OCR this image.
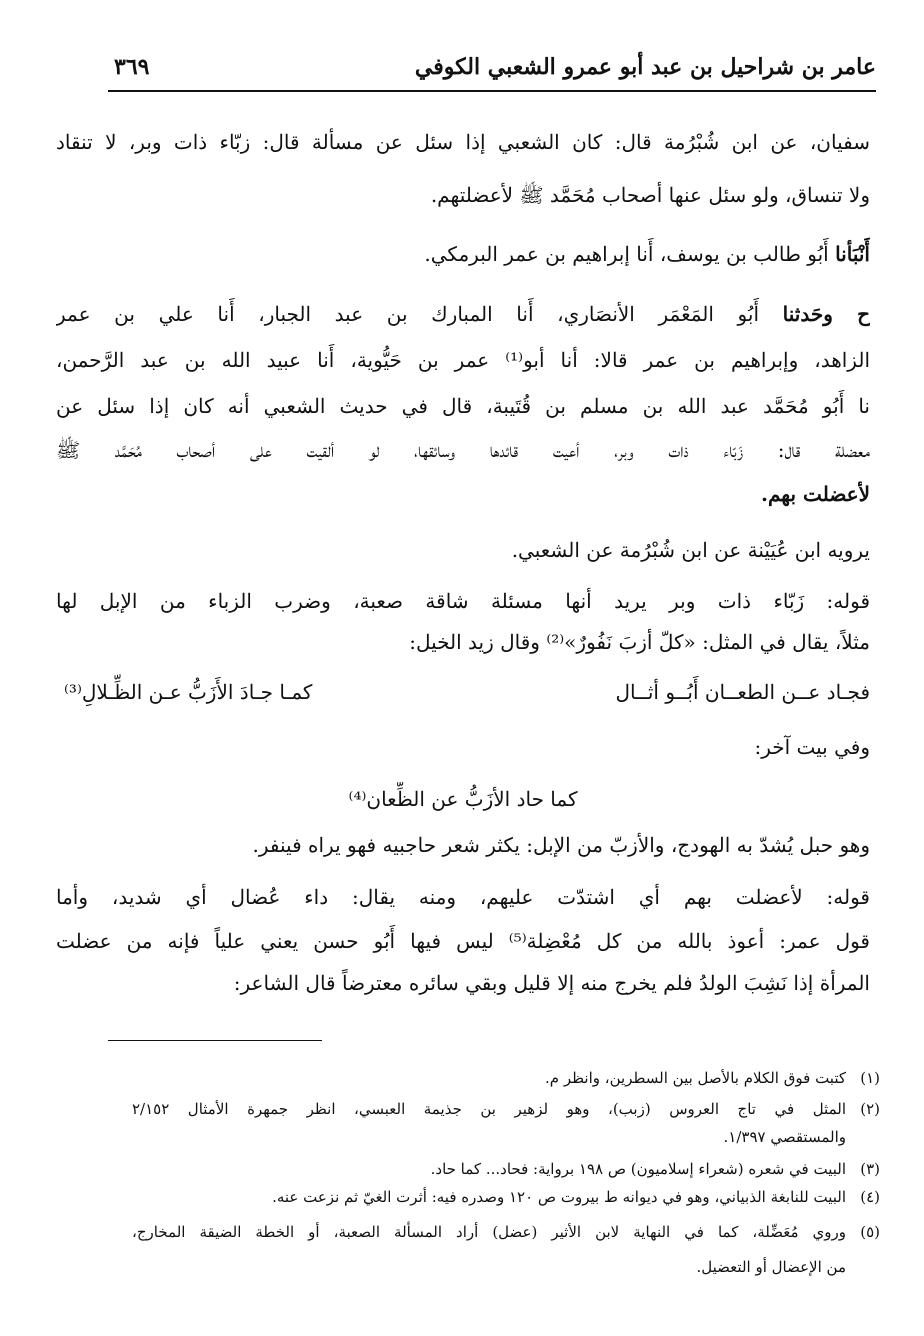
عامر بن شراحيل بن عبد أبو عمرو الشعبي الكوفي
٣٦٩
سفيان، عن ابن شُبْرُمة قال: كان الشعبي إذا سئل عن مسألة قال: زبّاء ذات وبر، لا تنقاد
ولا تنساق، ولو سئل عنها أصحاب مُحَمَّد ﷺ لأعضلتهم.
أَنْبَأنا أَبُو طالب بن يوسف، أَنا إبراهيم بن عمر البرمكي.
ح وحَدثنا أَبُو المَعْمَر الأنصَاري، أَنا المبارك بن عبد الجبار، أَنا علي بن عمر
الزاهد، وإبراهيم بن عمر قالا: أنا أبو⁽¹⁾ عمر بن حَيُّوية، أَنا عبيد الله بن عبد الرَّحمن،
نا أَبُو مُحَمَّد عبد الله بن مسلم بن قُتَيبة، قال في حديث الشعبي أنه كان إذا سئل عن
معضلة قال: زَبّاء ذات وبر، أعيت قائدها وسائقها، لو ألقيت على أصحاب مُحَمَّد ﷺ
لأعضلت بهم.
يرويه ابن عُيَيْنة عن ابن شُبْرُمة عن الشعبي.
قوله: زَبّاء ذات وبر يريد أنها مسئلة شاقة صعبة، وضرب الزباء من الإبل لها
مثلاً، يقال في المثل: «كلّ أزبَ نَفُورٌ»⁽²⁾ وقال زيد الخيل:
فجـاد عــن الطعــان أَبُــو أثــال
كمـا جـادَ الأَزَبُّ عـن الظِّـلالِ⁽³⁾
وفي بيت آخر:
كما حاد الأزَبُّ عن الظِّعان⁽⁴⁾
وهو حبل يُشدّ به الهودج، والأزبّ من الإبل: يكثر شعر حاجبيه فهو يراه فينفر.
قوله: لأعضلت بهم أي اشتدّت عليهم، ومنه يقال: داء عُضال أي شديد، وأما
قول عمر: أعوذ بالله من كل مُعْضِلة⁽⁵⁾ ليس فيها أَبُو حسن يعني علياً فإنه من عضلت
المرأة إذا نَشِبَ الولدُ فلم يخرج منه إلا قليل وبقي سائره معترضاً قال الشاعر:
(١)
كتبت فوق الكلام بالأصل بين السطرين، وانظر م.
(٢)
المثل في تاج العروس (زبب)، وهو لزهير بن جذيمة العبسي، انظر جمهرة الأمثال ٢/١٥٢
والمستقصي ١/٣٩٧.
(٣)
البيت في شعره (شعراء إسلاميون) ص ١٩٨ برواية: فحاد... كما حاد.
(٤)
البيت للنابغة الذبياني، وهو في ديوانه ط بيروت ص ١٢٠ وصدره فيه: أثرت الغيّ ثم نزعت عنه.
(٥)
وروي مُعَضِّلة، كما في النهاية لابن الأثير (عضل) أراد المسألة الصعبة، أو الخطة الضيقة المخارج،
من الإعضال أو التعضيل.
